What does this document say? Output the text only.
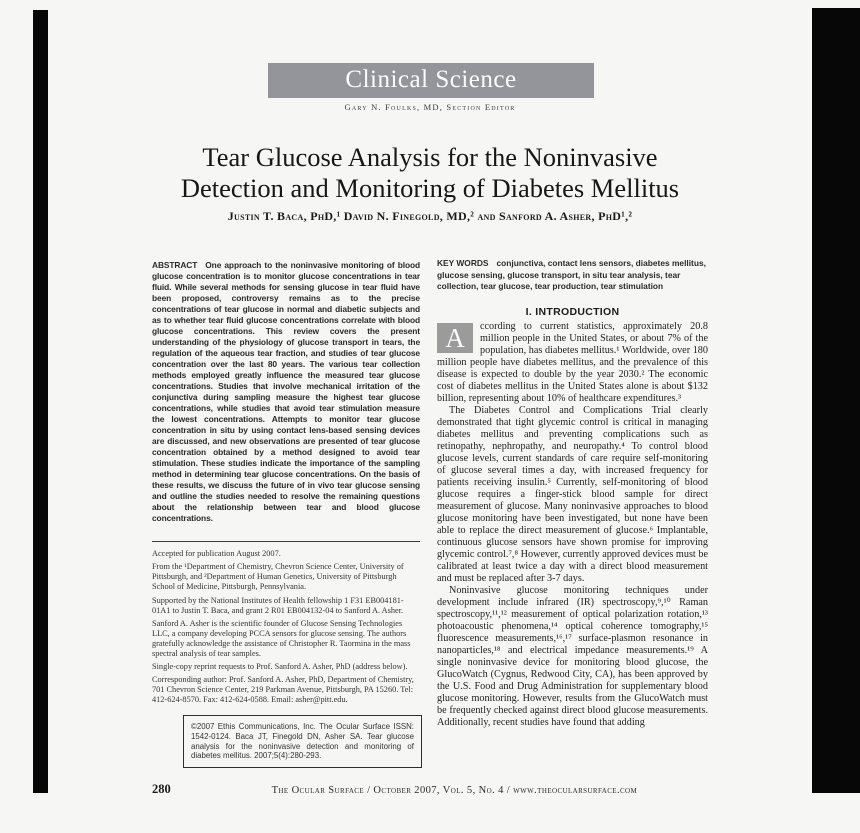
Clinical Science
Gary N. Foulks, MD, Section Editor
Tear Glucose Analysis for the Noninvasive
Detection and Monitoring of Diabetes Mellitus
Justin T. Baca, PhD,¹ David N. Finegold, MD,² and Sanford A. Asher, PhD¹,²

ABSTRACT One approach to the noninvasive monitoring of blood glucose concentration is to monitor glucose concentrations in tear fluid. While several methods for sensing glucose in tear fluid have been proposed, controversy remains as to the precise concentrations of tear glucose in normal and diabetic subjects and as to whether tear fluid glucose concentrations correlate with blood glucose concentrations. This review covers the present understanding of the physiology of glucose transport in tears, the regulation of the aqueous tear fraction, and studies of tear glucose concentration over the last 80 years. The various tear collection methods employed greatly influence the measured tear glucose concentrations. Studies that involve mechanical irritation of the conjunctiva during sampling measure the highest tear glucose concentrations, while studies that avoid tear stimulation measure the lowest concentrations. Attempts to monitor tear glucose concentration in situ by using contact lens-based sensing devices are discussed, and new observations are presented of tear glucose concentration obtained by a method designed to avoid tear stimulation. These studies indicate the importance of the sampling method in determining tear glucose concentrations. On the basis of these results, we discuss the future of in vivo tear glucose sensing and outline the studies needed to resolve the remaining questions about the relationship between tear and blood glucose concentrations.

Accepted for publication August 2007.

From the ¹Department of Chemistry, Chevron Science Center, University of Pittsburgh, and ²Department of Human Genetics, University of Pittsburgh School of Medicine, Pittsburgh, Pennsylvania.

Supported by the National Institutes of Health fellowship 1 F31 EB004181-01A1 to Justin T. Baca, and grant 2 R01 EB004132-04 to Sanford A. Asher.

Sanford A. Asher is the scientific founder of Glucose Sensing Technologies LLC, a company developing PCCA sensors for glucose sensing. The authors gratefully acknowledge the assistance of Christopher R. Taormina in the mass spectral analysis of tear samples.

Single-copy reprint requests to Prof. Sanford A. Asher, PhD (address below).

Corresponding author: Prof. Sanford A. Asher, PhD, Department of Chemistry, 701 Chevron Science Center, 219 Parkman Avenue, Pittsburgh, PA 15260. Tel: 412-624-8570. Fax: 412-624-0588. Email: asher@pitt.edu.

©2007 Ethis Communications, Inc. The Ocular Surface ISSN: 1542-0124. Baca JT, Finegold DN, Asher SA. Tear glucose analysis for the noninvasive detection and monitoring of diabetes mellitus. 2007;5(4):280-293.

KEY WORDS conjunctiva, contact lens sensors, diabetes mellitus, glucose sensing, glucose transport, in situ tear analysis, tear collection, tear glucose, tear production, tear stimulation

I. INTRODUCTION

A	ccording to current statistics, approximately 20.8 million people in the United States, or about 7% of the population, has diabetes mellitus.¹ Worldwide, over 180 million people have diabetes mellitus, and the prevalence of this disease is expected to double by the year 2030.² The economic cost of diabetes mellitus in the United States alone is about $132 billion, representing about 10% of healthcare expenditures.³

The Diabetes Control and Complications Trial clearly demonstrated that tight glycemic control is critical in managing diabetes mellitus and preventing complications such as retinopathy, nephropathy, and neuropathy.⁴ To control blood glucose levels, current standards of care require self-monitoring of glucose several times a day, with increased frequency for patients receiving insulin.⁵ Currently, self-monitoring of blood glucose requires a finger-stick blood sample for direct measurement of glucose. Many noninvasive approaches to blood glucose monitoring have been investigated, but none have been able to replace the direct measurement of glucose.⁶ Implantable, continuous glucose sensors have shown promise for improving glycemic control.⁷,⁸ However, currently approved devices must be calibrated at least twice a day with a direct blood measurement and must be replaced after 3-7 days.

Noninvasive glucose monitoring techniques under development include infrared (IR) spectroscopy,⁹,¹⁰ Raman spectroscopy,¹¹,¹² measurement of optical polarization rotation,¹³ photoacoustic phenomena,¹⁴ optical coherence tomography,¹⁵ fluorescence measurements,¹⁶,¹⁷ surface-plasmon resonance in nanoparticles,¹⁸ and electrical impedance measurements.¹⁹ A single noninvasive device for monitoring blood glucose, the GlucoWatch (Cygnus, Redwood City, CA), has been approved by the U.S. Food and Drug Administration for supplementary blood glucose monitoring. However, results from the GlucoWatch must be frequently checked against direct blood glucose measurements. Additionally, recent studies have found that adding

280	The Ocular Surface / October 2007, Vol. 5, No. 4 / www.theocularsurface.com
